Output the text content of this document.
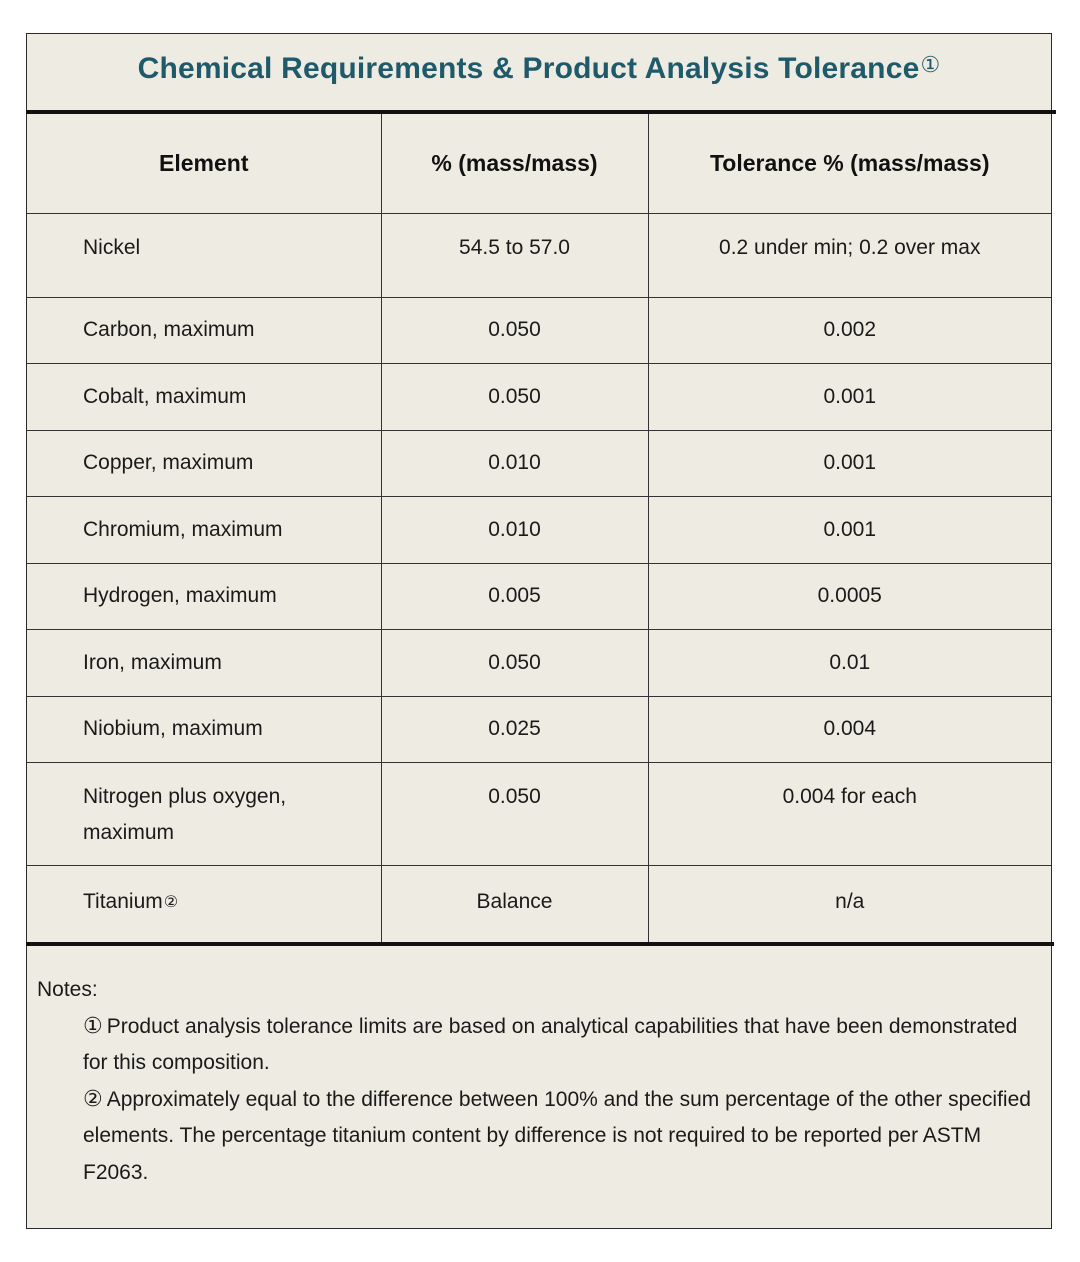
Chemical Requirements & Product Analysis Tolerance①
Element	% (mass/mass)	Tolerance % (mass/mass)
Nickel	54.5 to 57.0	0.2 under min; 0.2 over max
Carbon, maximum	0.050	0.002
Cobalt, maximum	0.050	0.001
Copper, maximum	0.010	0.001
Chromium, maximum	0.010	0.001
Hydrogen, maximum	0.005	0.0005
Iron, maximum	0.050	0.01
Niobium, maximum	0.025	0.004
Nitrogen plus oxygen, maximum	0.050	0.004 for each
Titanium②	Balance	n/a

Notes:

① Product analysis tolerance limits are based on analytical capabilities that have been demonstrated for this composition.

② Approximately equal to the difference between 100% and the sum percentage of the other specified elements. The percentage titanium content by difference is not required to be reported per ASTM F2063.
